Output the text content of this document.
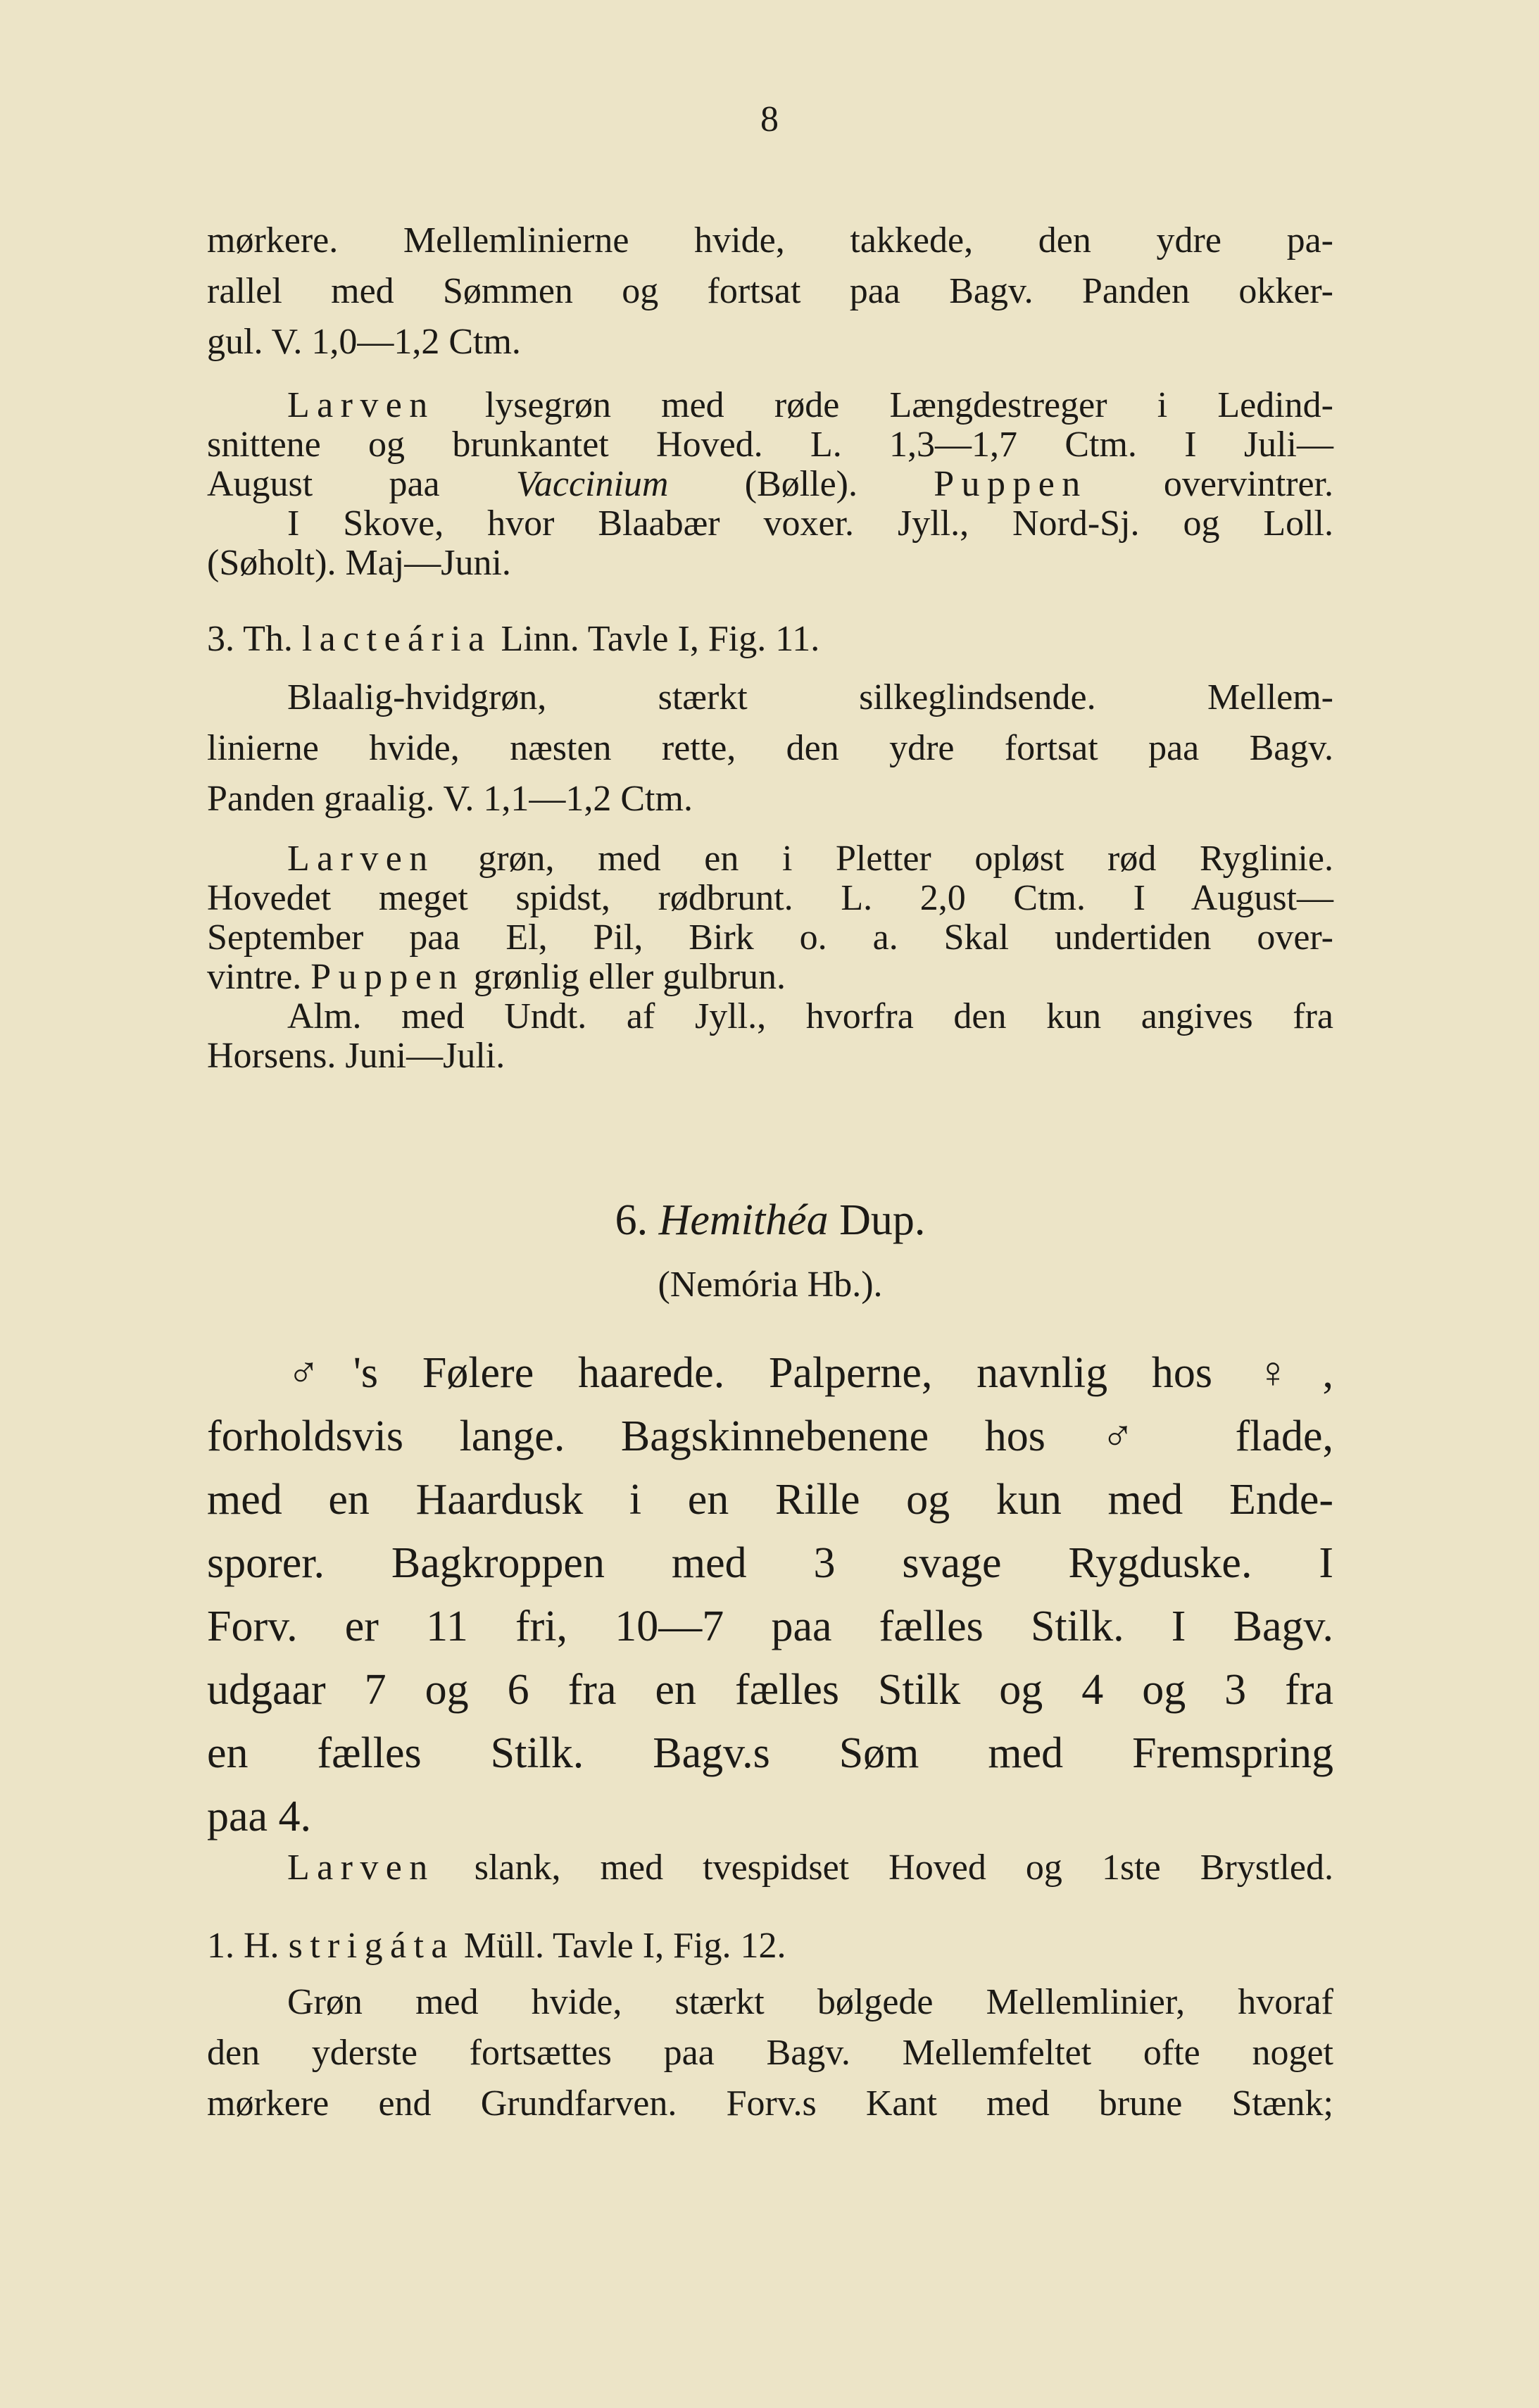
8
mørkere. Mellemlinierne hvide, takkede, den ydre pa-
rallel med Sømmen og fortsat paa Bagv. Panden okker-
gul. V. 1,0—1,2 Ctm.
Larven lysegrøn med røde Længdestreger i Ledind-
snittene og brunkantet Hoved. L. 1,3—1,7 Ctm. I Juli—
August paa Vaccinium (Bølle). Puppen overvintrer.
I Skove, hvor Blaabær voxer. Jyll., Nord-Sj. og Loll.
(Søholt). Maj—Juni.
3. Th. lacteária Linn. Tavle I, Fig. 11.
Blaalig-hvidgrøn, stærkt silkeglindsende. Mellem-
linierne hvide, næsten rette, den ydre fortsat paa Bagv.
Panden graalig. V. 1,1—1,2 Ctm.
Larven grøn, med en i Pletter opløst rød Ryglinie.
Hovedet meget spidst, rødbrunt. L. 2,0 Ctm. I August—
September paa El, Pil, Birk o. a. Skal undertiden over-
vintre. Puppen grønlig eller gulbrun.
Alm. med Undt. af Jyll., hvorfra den kun angives fra
Horsens. Juni—Juli.
6. Hemithéa Dup.
(Nemória Hb.).
♂'s Følere haarede. Palperne, navnlig hos ♀,
forholdsvis lange. Bagskinnebenene hos ♂ flade,
med en Haardusk i en Rille og kun med Ende-
sporer. Bagkroppen med 3 svage Rygduske. I
Forv. er 11 fri, 10—7 paa fælles Stilk. I Bagv.
udgaar 7 og 6 fra en fælles Stilk og 4 og 3 fra
en fælles Stilk. Bagv.s Søm med Fremspring
paa 4.
Larven slank, med tvespidset Hoved og 1ste Brystled.
1. H. strigáta Müll. Tavle I, Fig. 12.
Grøn med hvide, stærkt bølgede Mellemlinier, hvoraf
den yderste fortsættes paa Bagv. Mellemfeltet ofte noget
mørkere end Grundfarven. Forv.s Kant med brune Stænk;
